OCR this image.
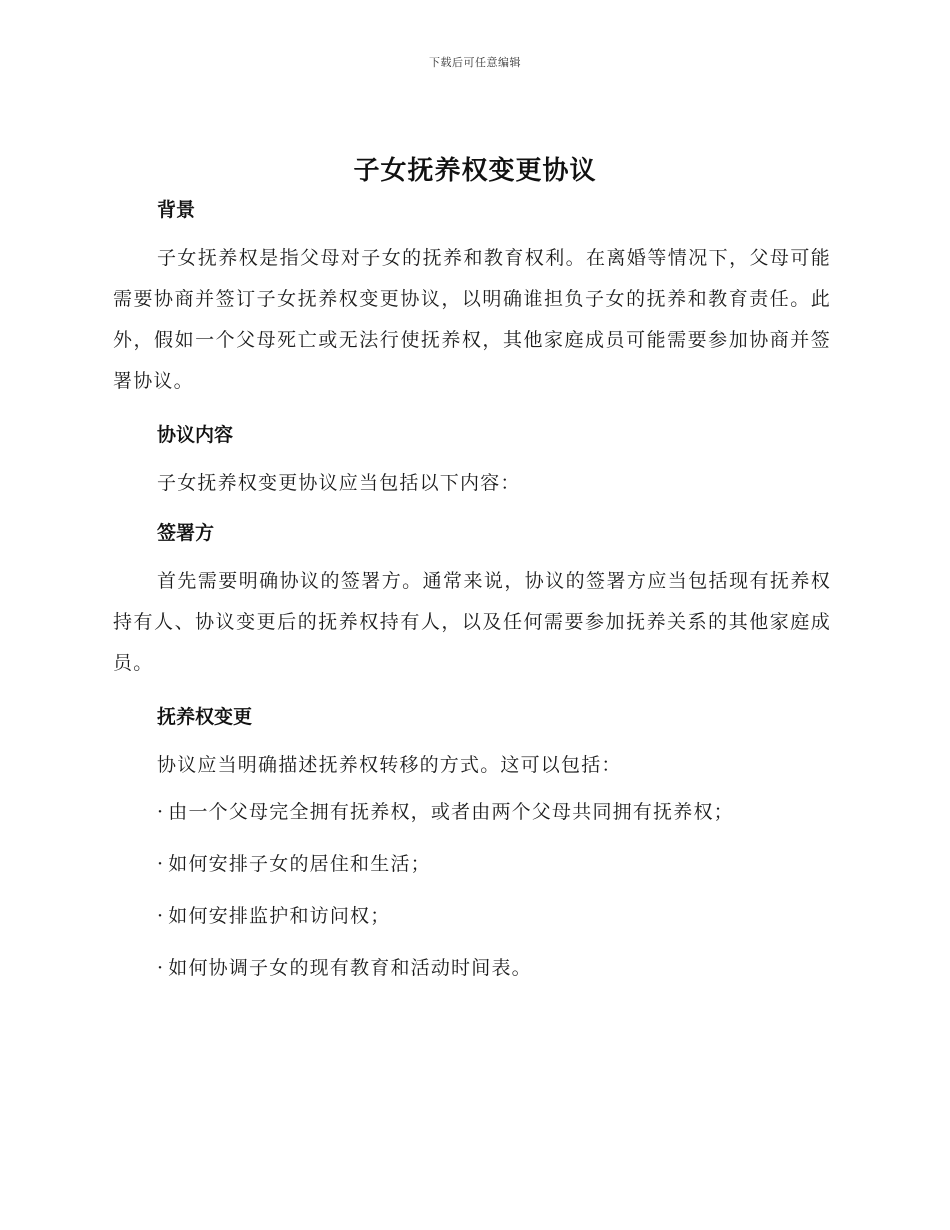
下载后可任意编辑
子女抚养权变更协议
背景

子女抚养权是指父母对子女的抚养和教育权利。在离婚等情况下，父母可能需要协商并签订子女抚养权变更协议，以明确谁担负子女的抚养和教育责任。此外，假如一个父母死亡或无法行使抚养权，其他家庭成员可能需要参加协商并签署协议。

协议内容

子女抚养权变更协议应当包括以下内容：

签署方

首先需要明确协议的签署方。通常来说，协议的签署方应当包括现有抚养权持有人、协议变更后的抚养权持有人，以及任何需要参加抚养关系的其他家庭成员。

抚养权变更

协议应当明确描述抚养权转移的方式。这可以包括：

· 由一个父母完全拥有抚养权，或者由两个父母共同拥有抚养权；
· 如何安排子女的居住和生活；
· 如何安排监护和访问权；
· 如何协调子女的现有教育和活动时间表。
